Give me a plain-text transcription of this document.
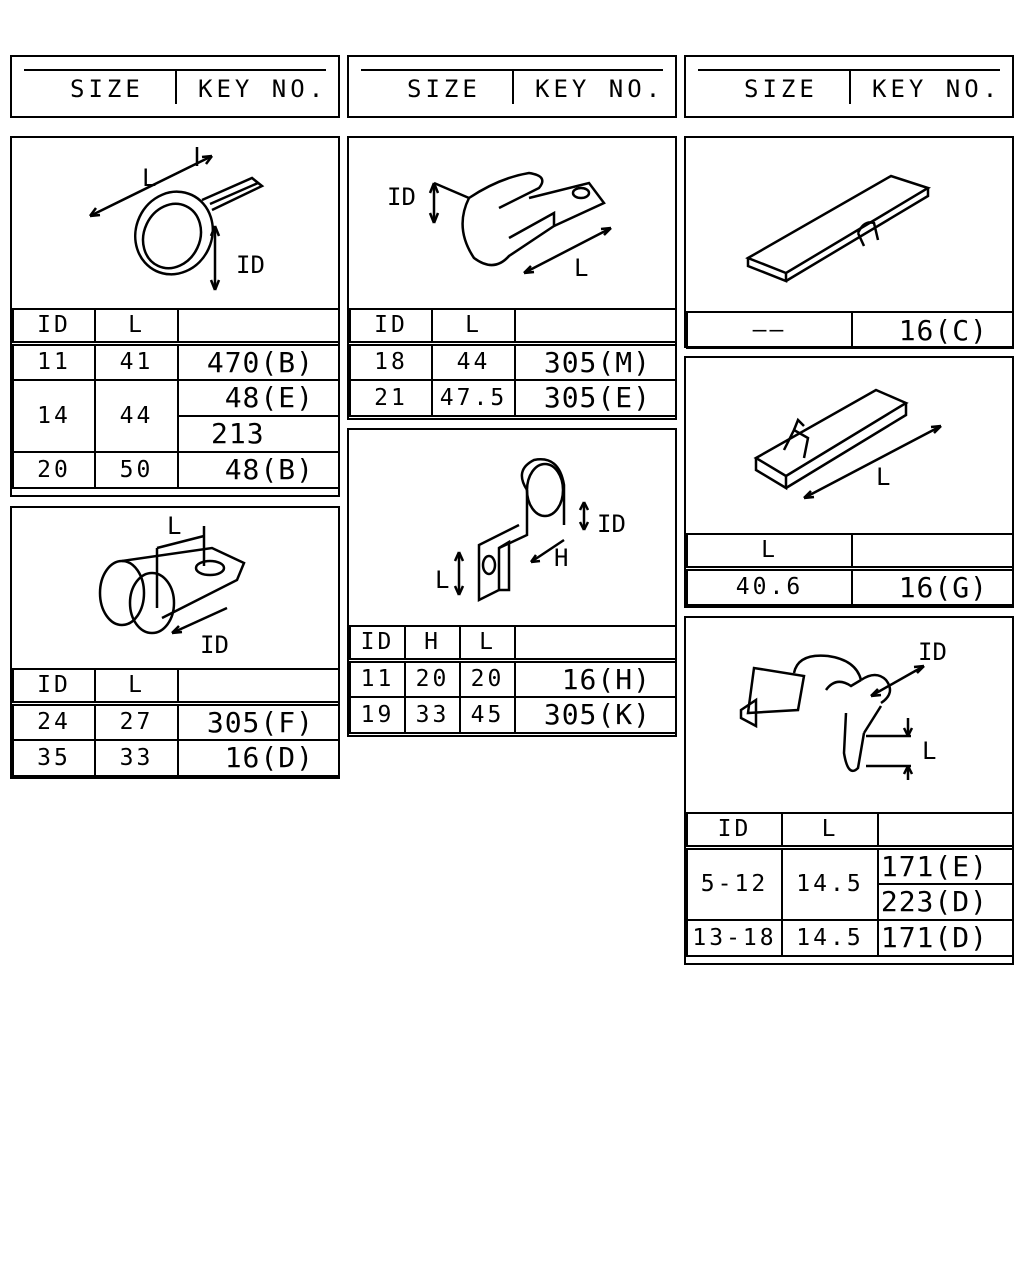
SIZE KEY NO.	SIZE KEY NO.	SIZE KEY NO.
L
ID
ID	L	
11	41	470(B)
14	44	48(E)
		213
20	50	48(B)
L
ID
ID	L	
24	27	305(F)
35	33	16(D)
ID
L
ID	L	
18	44	305(M)
21	47.5	305(E)
ID
H
L
ID	H	L	
11	20	20	16(H)
19	33	45	305(K)
——	16(C)
L
L	
40.6	16(G)
ID
L
ID	L	
5-12	14.5	171(E)
		223(D)
13-18	14.5	171(D)
